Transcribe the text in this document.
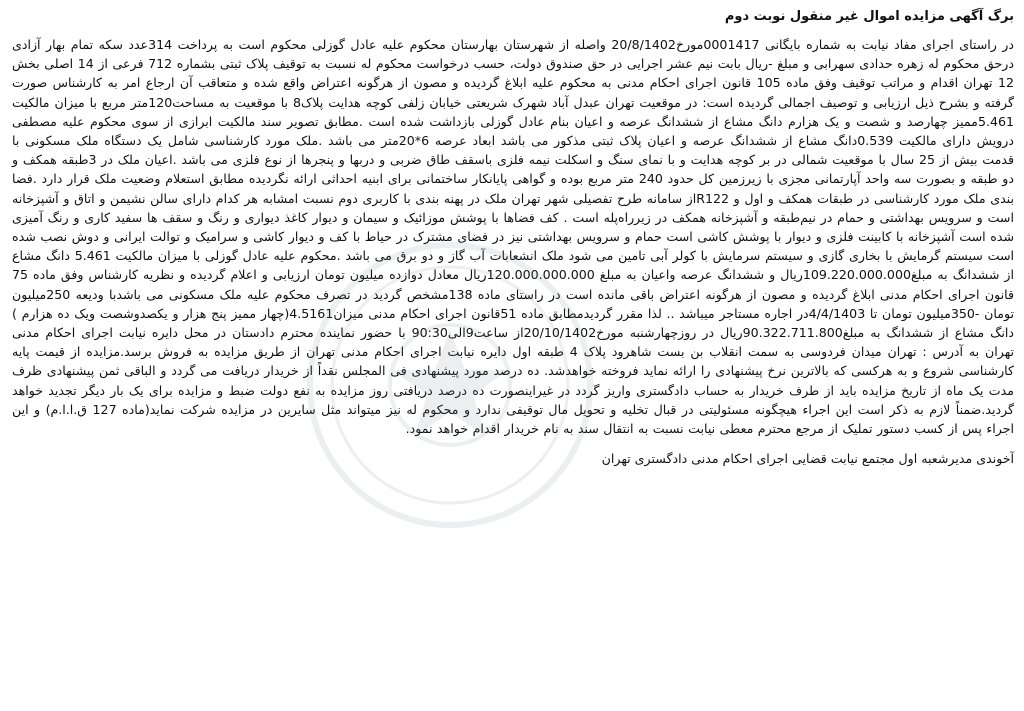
برگ آگهی مزایده اموال غیر منقول نوبت دوم

در راستای اجرای مفاد نیابت به شماره بایگانی 0001417مورخ20/8/1402 واصله از شهرستان بهارستان محکوم علیه عادل گوزلی محکوم است به پرداخت 314عدد سکه تمام بهار آزادی درحق محکوم له زهره حدادی سهرابی و مبلغ -ریال بابت نیم عشر اجرایی در حق صندوق دولت، حسب درخواست محکوم له نسبت به توقیف پلاک ثبتی بشماره 712 فرعی از 14 اصلی بخش 12 تهران اقدام و مراتب توقیف وفق ماده 105 قانون اجرای احکام مدنی به محکوم علیه ابلاغ گردیده و مصون از هرگونه اعتراض واقع شده و متعاقب آن ارجاع امر به کارشناس صورت گرفته و بشرح ذیل ارزیابی و توصیف اجمالی گردیده است: در موقعیت تهران عبدل آباد شهرک شریعتی خیابان زلفی کوچه هدایت پلاک8 با موقعیت به مساحت120متر مربع با میزان مالکیت 5.461ممیز چهارصد و شصت و یک هزارم دانگ مشاع از ششدانگ عرصه و اعیان بنام عادل گوزلی بازداشت شده است .مطابق تصویر سند مالکیت ابرازی از سوی محکوم علیه مصطفی درویش دارای مالکیت 0.539دانگ مشاع از ششدانگ عرصه و اعیان پلاک ثبتی مذکور می باشد ابعاد عرصه 6*20متر می باشد .ملک مورد کارشناسی شامل یک دستگاه ملک مسکونی با قدمت بیش از 25 سال با موقعیت شمالی در بر کوچه هدایت و با نمای سنگ و اسکلت نیمه فلزی باسقف طاق ضربی و دربها و پنجرها از نوع فلزی می باشد .اعیان ملک در 3طبقه همکف و دو طبقه و بصورت سه واحد آپارتمانی مجزی با زیرزمین کل حدود 240 متر مربع بوده و گواهی پایانکار ساختمانی برای ابنیه احداثی ارائه نگردیده مطابق استعلام وضعیت ملک قرار دارد .فضا بندی ملک مورد کارشناسی در طبقات همکف و اول و R122از سامانه طرح تفصیلی شهر تهران ملک در پهنه بندی با کاربری دوم نسبت امشابه هر کدام دارای سالن نشیمن و اتاق و آشپزخانه است و سرویس بهداشتی و حمام در نیم‌طبقه و آشپزخانه همکف در زیرراه‌پله است . کف فضاها با پوشش موزائیک و سیمان و دیوار کاغذ دیواری و رنگ و سقف ها سفید کاری و رنگ آمیزی شده است آشپزخانه با کابینت فلزی و دیوار با پوشش کاشی است حمام و سرویس بهداشتی نیز در فضای مشترک در حیاط با کف و دیوار کاشی و سرامیک و توالت ایرانی و دوش نصب شده است سیستم گرمایش با بخاری گازی و سیستم سرمایش با کولر آبی تامین می شود ملک انشعابات آب گاز و دو برق می باشد .محکوم علیه عادل گوزلی با میزان مالکیت 5.461 دانگ مشاع از ششدانگ به مبلغ109.220.000.000ریال و ششدانگ عرصه واعیان به مبلغ 120.000.000.000ریال معادل دوازده میلیون تومان ارزیابی و اعلام گردیده و نظریه کارشناس وفق ماده 75 قانون اجرای احکام مدنی ابلاغ گردیده و مصون از هرگونه اعتراض باقی مانده است در راستای ماده 138مشخص گردید در تصرف محکوم علیه ملک مسکونی می باشدبا ودیعه 250میلیون تومان -350میلیون تومان تا 4/4/1403در اجاره مستاجر میباشد .. لذا مقرر گردیدمطابق ماده 51قانون اجرای احکام مدنی میزان4.5161(چهار ممیز پنج هزار و یکصدوشصت ویک ده هزارم ) دانگ مشاع از ششدانگ به مبلغ90.322.711.800ریال در روزچهارشنبه مورخ20/10/1402از ساعت9الی90:30 با حضور نماینده محترم دادستان در محل دایره نیابت اجرای احکام مدنی تهران به آدرس : تهران میدان فردوسی به سمت انقلاب بن بست شاهرود پلاک 4 طبقه اول دایره نیابت اجرای احکام مدنی تهران از طریق مزایده به فروش برسد.مزایده از قیمت پایه کارشناسی شروع و به هرکسی که بالاترین نرخ پیشنهادی را ارائه نماید فروخته خواهدشد. ده درصد مورد پیشنهادی فی المجلس نقداً از خریدار دریافت می گردد و الباقی ثمن پیشنهادی ظرف مدت یک ماه از تاریخ مزایده باید از طرف خریدار به حساب دادگستری واریز گردد در غیراینصورت ده درصد دریافتی روز مزایده به نفع دولت ضبط و مزایده برای یک بار دیگر تجدید خواهد گردید.ضمناً لازم به ذکر است این اجراء هیچگونه مسئولیتی در قبال تخلیه و تحویل مال توقیفی ندارد و محکوم له نیز میتواند مثل سایرین در مزایده شرکت نماید(ماده 127 ق.ا.ا.م) و این اجراء پس از کسب دستور تملیک از مرجع محترم معطی نیابت نسبت به انتقال سند به نام خریدار اقدام خواهد نمود.

آخوندی مدیرشعبه اول مجتمع نیابت قضایی اجرای احکام مدنی دادگستری تهران
